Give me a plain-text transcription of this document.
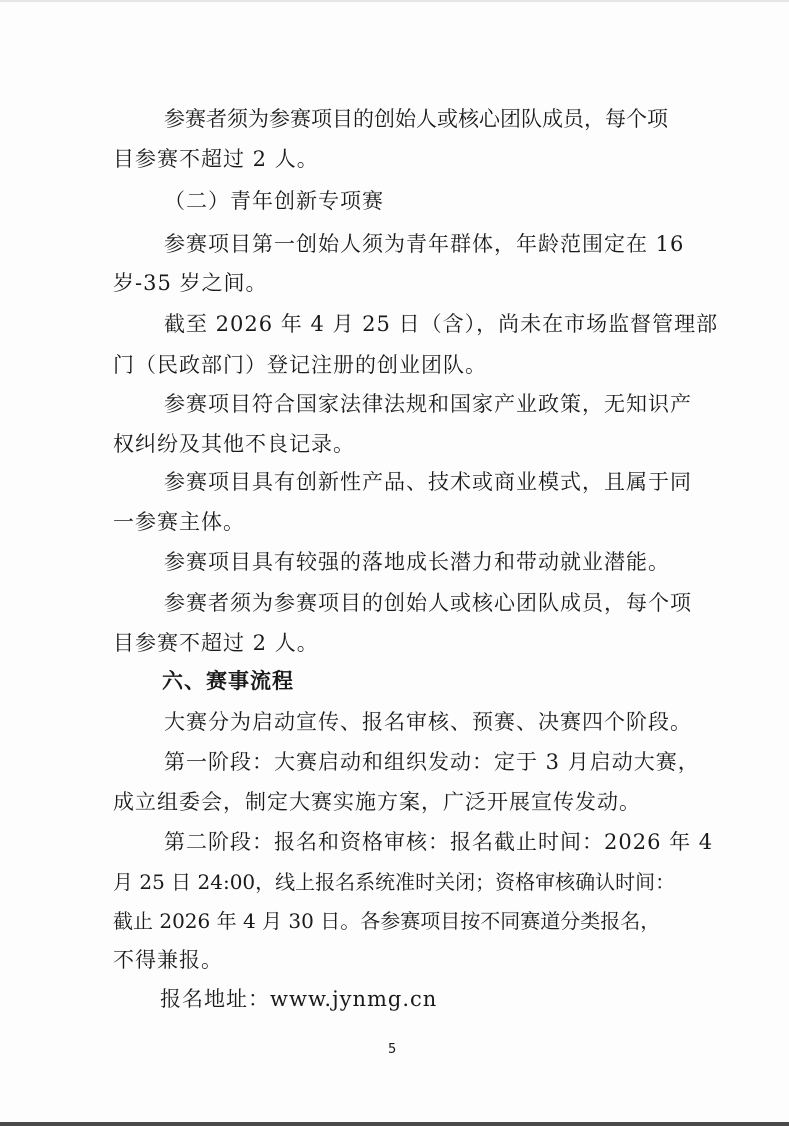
参赛者须为参赛项目的创始人或核心团队成员，每个项
目参赛不超过 2 人。
（二）青年创新专项赛
参赛项目第一创始人须为青年群体，年龄范围定在 16
岁-35 岁之间。
截至 2026 年 4 月 25 日（含），尚未在市场监督管理部
门（民政部门）登记注册的创业团队。
参赛项目符合国家法律法规和国家产业政策，无知识产
权纠纷及其他不良记录。
参赛项目具有创新性产品、技术或商业模式，且属于同
一参赛主体。
参赛项目具有较强的落地成长潜力和带动就业潜能。
参赛者须为参赛项目的创始人或核心团队成员，每个项
目参赛不超过 2 人。
六、赛事流程
大赛分为启动宣传、报名审核、预赛、决赛四个阶段。
第一阶段：大赛启动和组织发动：定于 3 月启动大赛，
成立组委会，制定大赛实施方案，广泛开展宣传发动。
第二阶段：报名和资格审核：报名截止时间：2026 年 4
月 25 日 24:00，线上报名系统准时关闭；资格审核确认时间：
截止 2026 年 4 月 30 日。各参赛项目按不同赛道分类报名，
不得兼报。
报名地址：www.jynmg.cn
5
